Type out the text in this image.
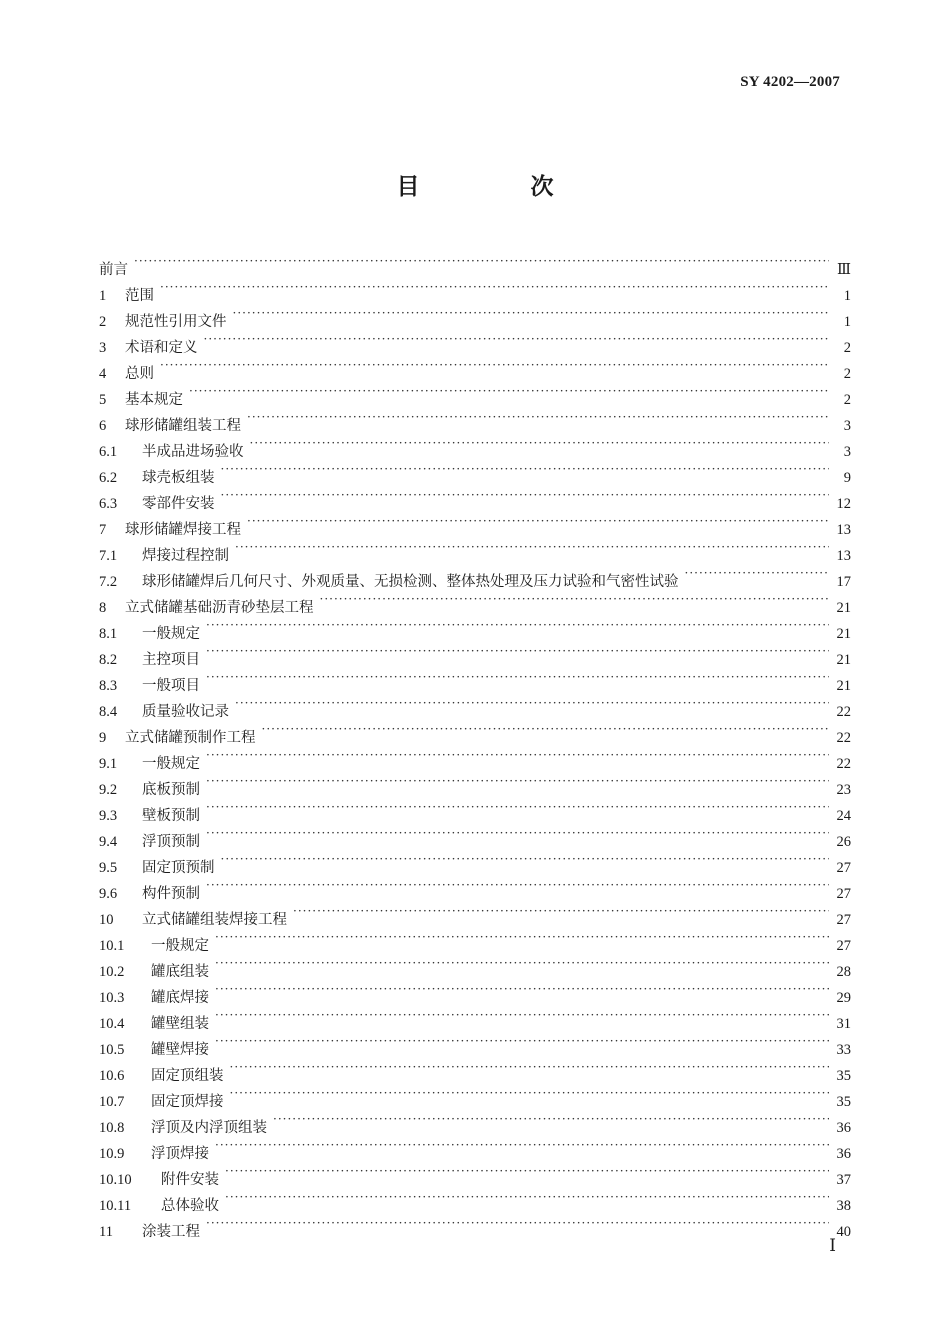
SY 4202—2007
目　次
前言 ·····	Ⅲ
1	范围 ·····	1
2	规范性引用文件 ·····	1
3	术语和定义 ·····	2
4	总则 ·····	2
5	基本规定 ·····	2
6	球形储罐组装工程 ·····	3
6.1	半成品进场验收 ·····	3
6.2	球壳板组装 ·····	9
6.3	零部件安装 ·····	12
7	球形储罐焊接工程 ·····	13
7.1	焊接过程控制 ·····	13
7.2	球形储罐焊后几何尺寸、外观质量、无损检测、整体热处理及压力试验和气密性试验 ·····	17
8	立式储罐基础沥青砂垫层工程 ·····	21
8.1	一般规定 ·····	21
8.2	主控项目 ·····	21
8.3	一般项目 ·····	21
8.4	质量验收记录 ·····	22
9	立式储罐预制作工程 ·····	22
9.1	一般规定 ·····	22
9.2	底板预制 ·····	23
9.3	壁板预制 ·····	24
9.4	浮顶预制 ·····	26
9.5	固定顶预制 ·····	27
9.6	构件预制 ·····	27
10	立式储罐组装焊接工程 ·····	27
10.1	一般规定 ·····	27
10.2	罐底组装 ·····	28
10.3	罐底焊接 ·····	29
10.4	罐壁组装 ·····	31
10.5	罐壁焊接 ·····	33
10.6	固定顶组装 ·····	35
10.7	固定顶焊接 ·····	35
10.8	浮顶及内浮顶组装 ·····	36
10.9	浮顶焊接 ·····	36
10.10	附件安装 ·····	37
10.11	总体验收 ·····	38
11	涂装工程 ·····	40
Ⅰ
